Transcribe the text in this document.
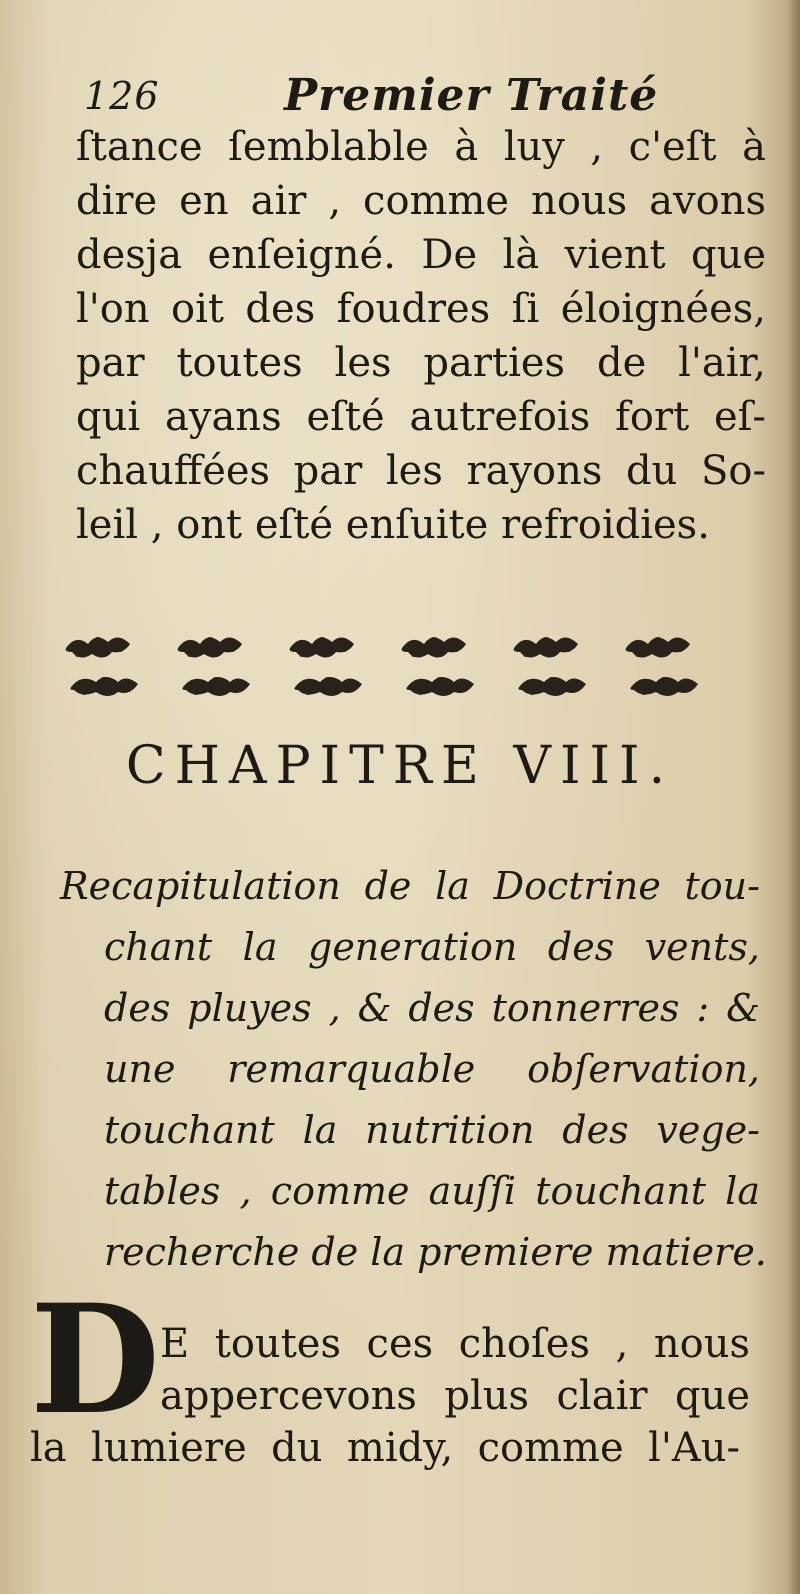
126	Premier Traité
ſtance ſemblable à luy , c'eſt à
dire en air , comme nous avons
desja enſeigné. De là vient que
l'on oit des foudres ſi éloignées,
par toutes les parties de l'air,
qui ayans eſté autrefois fort eſ-
chauffées par les rayons du So-
leil , ont eſté enſuite refroidies.
CHAPITRE VIII.
Recapitulation de la Doctrine tou-
chant la generation des vents,
des pluyes , & des tonnerres : &
une remarquable obſervation,
touchant la nutrition des vege-
tables , comme auſſi touchant la
recherche de la premiere matiere.
D E toutes ces choſes , nous
appercevons plus clair que
la lumiere du midy, comme l'Au-
